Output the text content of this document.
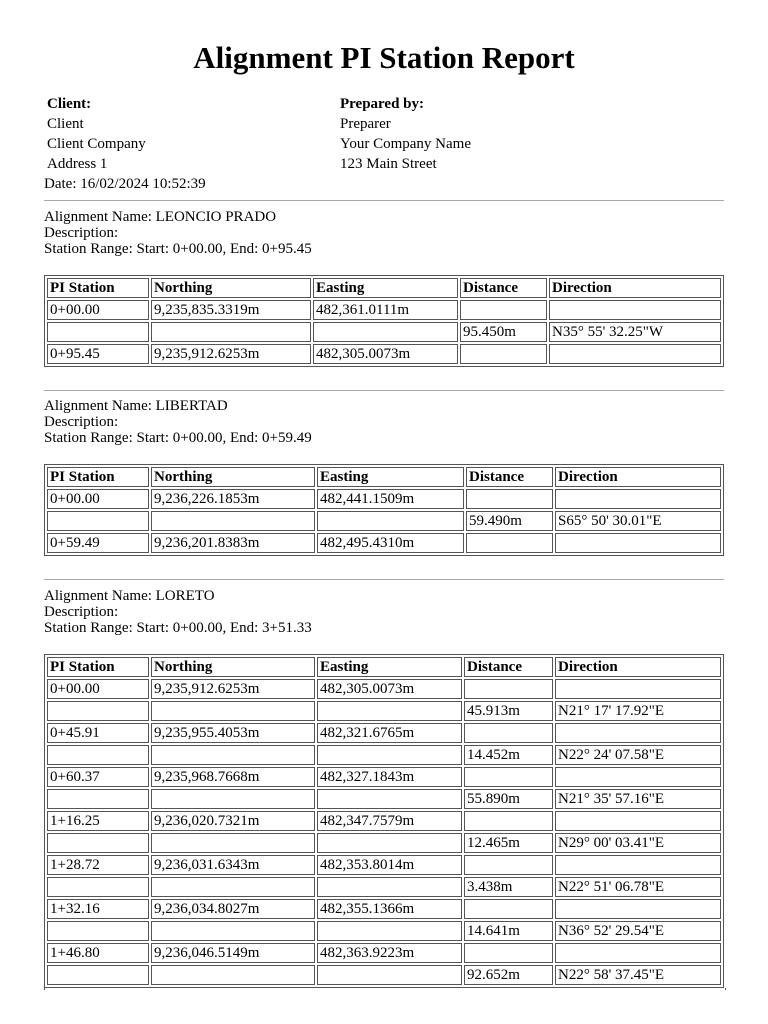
Alignment PI Station Report
Client:
Client
Client Company
Address 1
Prepared by:
Preparer
Your Company Name
123 Main Street
Date: 16/02/2024 10:52:39
Alignment Name: LEONCIO PRADO
Description:
Station Range: Start: 0+00.00, End: 0+95.45
PI Station	Northing	Easting	Distance	Direction
0+00.00	9,235,835.3319m	482,361.0111m		
			95.450m	N35° 55' 32.25"W
0+95.45	9,235,912.6253m	482,305.0073m		
Alignment Name: LIBERTAD
Description:
Station Range: Start: 0+00.00, End: 0+59.49
PI Station	Northing	Easting	Distance	Direction
0+00.00	9,236,226.1853m	482,441.1509m		
			59.490m	S65° 50' 30.01"E
0+59.49	9,236,201.8383m	482,495.4310m		
Alignment Name: LORETO
Description:
Station Range: Start: 0+00.00, End: 3+51.33
PI Station	Northing	Easting	Distance	Direction
0+00.00	9,235,912.6253m	482,305.0073m		
			45.913m	N21° 17' 17.92"E
0+45.91	9,235,955.4053m	482,321.6765m		
			14.452m	N22° 24' 07.58"E
0+60.37	9,235,968.7668m	482,327.1843m		
			55.890m	N21° 35' 57.16"E
1+16.25	9,236,020.7321m	482,347.7579m		
			12.465m	N29° 00' 03.41"E
1+28.72	9,236,031.6343m	482,353.8014m		
			3.438m	N22° 51' 06.78"E
1+32.16	9,236,034.8027m	482,355.1366m		
			14.641m	N36° 52' 29.54"E
1+46.80	9,236,046.5149m	482,363.9223m		
			92.652m	N22° 58' 37.45"E
